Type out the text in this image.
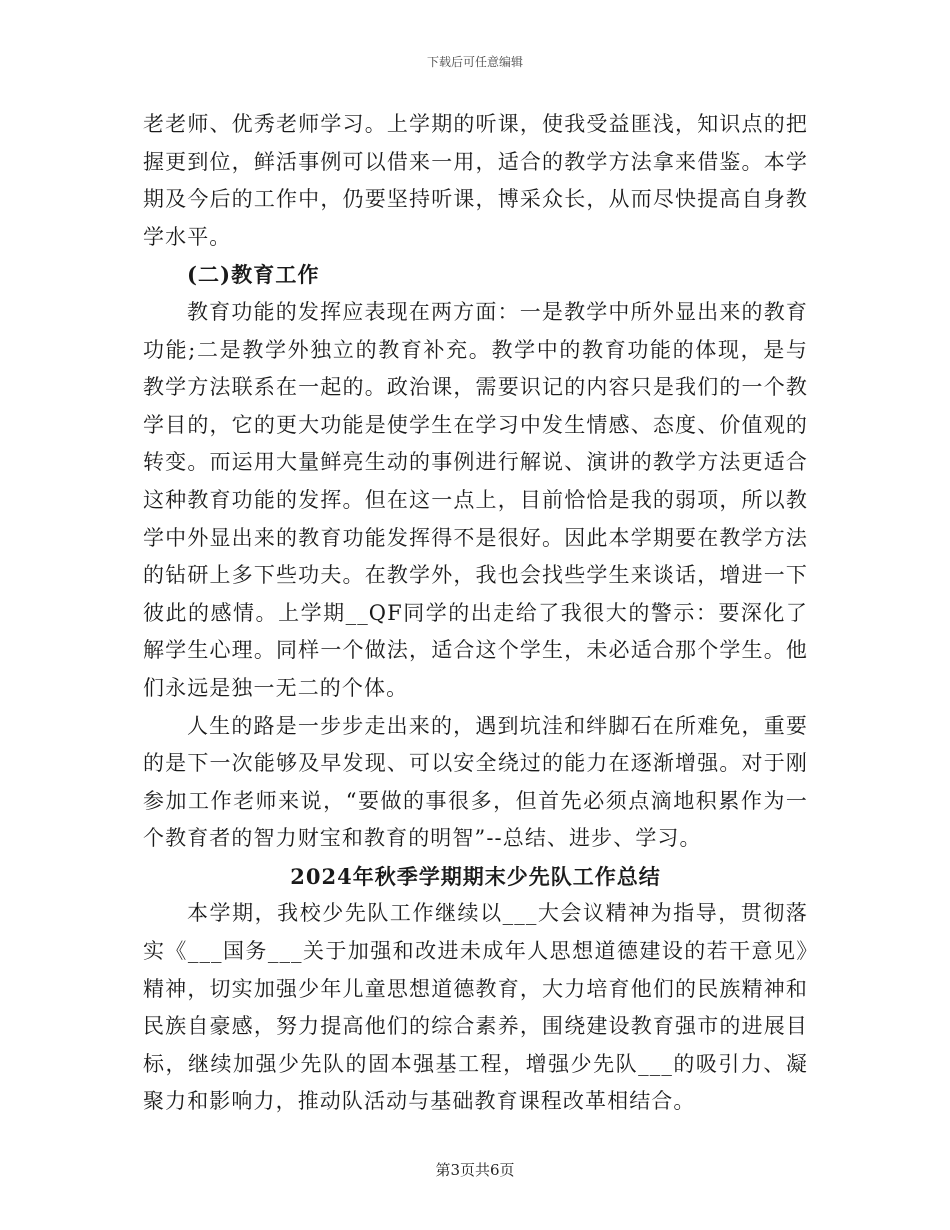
下载后可任意编辑

老老师、优秀老师学习。上学期的听课，使我受益匪浅，知识点的把握更到位，鲜活事例可以借来一用，适合的教学方法拿来借鉴。本学期及今后的工作中，仍要坚持听课，博采众长，从而尽快提高自身教学水平。

(二)教育工作

教育功能的发挥应表现在两方面：一是教学中所外显出来的教育功能;二是教学外独立的教育补充。教学中的教育功能的体现，是与教学方法联系在一起的。政治课，需要识记的内容只是我们的一个教学目的，它的更大功能是使学生在学习中发生情感、态度、价值观的转变。而运用大量鲜亮生动的事例进行解说、演讲的教学方法更适合这种教育功能的发挥。但在这一点上，目前恰恰是我的弱项，所以教学中外显出来的教育功能发挥得不是很好。因此本学期要在教学方法的钻研上多下些功夫。在教学外，我也会找些学生来谈话，增进一下彼此的感情。上学期__QF同学的出走给了我很大的警示：要深化了解学生心理。同样一个做法，适合这个学生，未必适合那个学生。他们永远是独一无二的个体。

人生的路是一步步走出来的，遇到坑洼和绊脚石在所难免，重要的是下一次能够及早发现、可以安全绕过的能力在逐渐增强。对于刚参加工作老师来说，“要做的事很多，但首先必须点滴地积累作为一个教育者的智力财宝和教育的明智”--总结、进步、学习。

2024年秋季学期期末少先队工作总结

本学期，我校少先队工作继续以___大会议精神为指导，贯彻落实《___国务___关于加强和改进未成年人思想道德建设的若干意见》精神，切实加强少年儿童思想道德教育，大力培育他们的民族精神和民族自豪感，努力提高他们的综合素养，围绕建设教育强市的进展目标，继续加强少先队的固本强基工程，增强少先队___的吸引力、凝聚力和影响力，推动队活动与基础教育课程改革相结合。

第3页共6页
